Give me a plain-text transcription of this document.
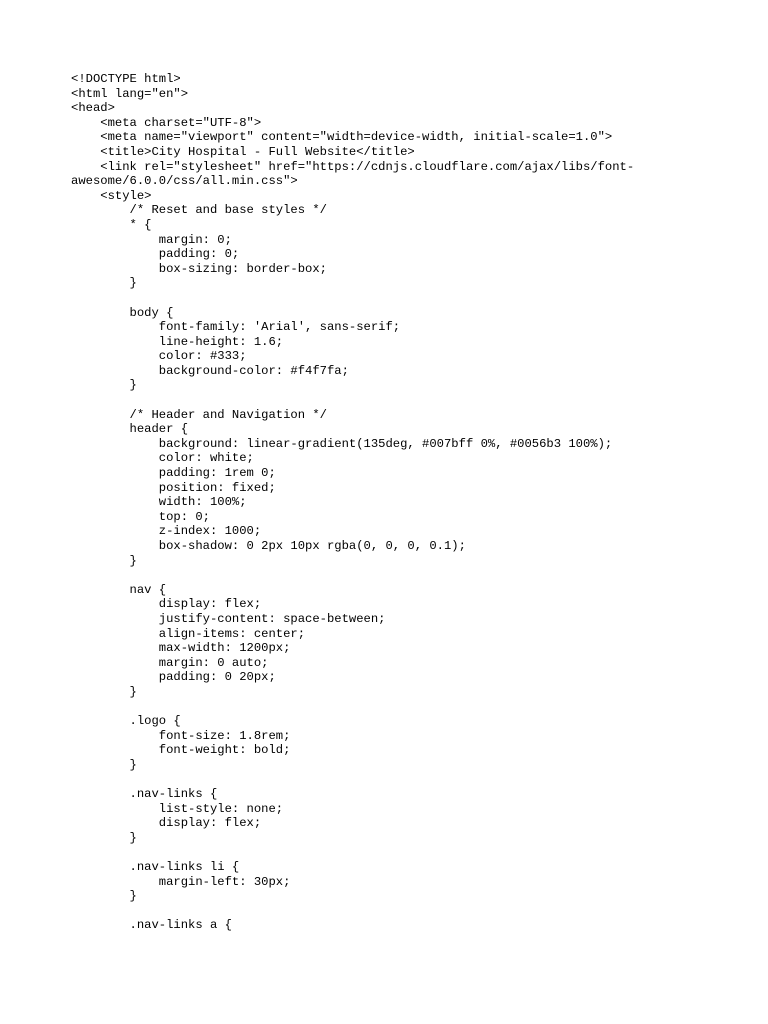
<!DOCTYPE html>
<html lang="en">
<head>
<meta charset="UTF-8">
<meta name="viewport" content="width=device-width, initial-scale=1.0">
<title>City Hospital - Full Website</title>
<link rel="stylesheet" href="https://cdnjs.cloudflare.com/ajax/libs/font-
awesome/6.0.0/css/all.min.css">
<style>
/* Reset and base styles */
* {
margin: 0;
padding: 0;
box-sizing: border-box;
}
body {
font-family: 'Arial', sans-serif;
line-height: 1.6;
color: #333;
background-color: #f4f7fa;
}
/* Header and Navigation */
header {
background: linear-gradient(135deg, #007bff 0%, #0056b3 100%);
color: white;
padding: 1rem 0;
position: fixed;
width: 100%;
top: 0;
z-index: 1000;
box-shadow: 0 2px 10px rgba(0, 0, 0, 0.1);
}
nav {
display: flex;
justify-content: space-between;
align-items: center;
max-width: 1200px;
margin: 0 auto;
padding: 0 20px;
}
.logo {
font-size: 1.8rem;
font-weight: bold;
}
.nav-links {
list-style: none;
display: flex;
}
.nav-links li {
margin-left: 30px;
}
.nav-links a {
